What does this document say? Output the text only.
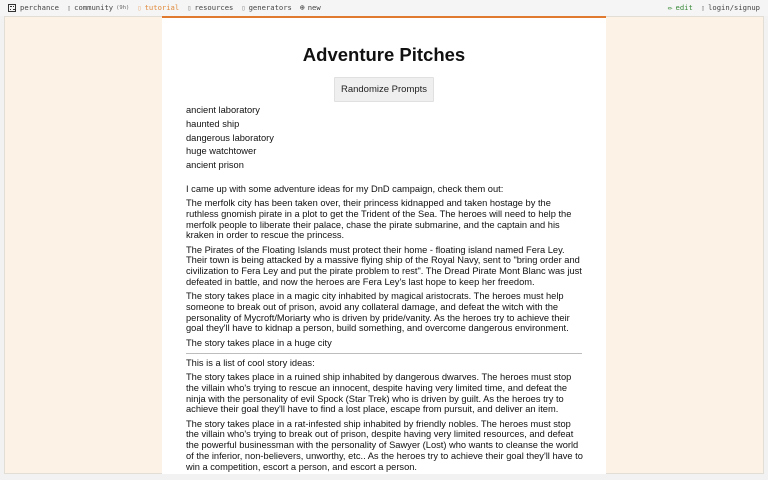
perchance ▯ community (9h) ▯ tutorial ▯ resources ▯ generators ⊕ new	✏ edit ▯ login/signup
Adventure Pitches
Randomize Prompts
ancient laboratory
haunted ship
dangerous laboratory
huge watchtower
ancient prison

I came up with some adventure ideas for my DnD campaign, check them out:

The merfolk city has been taken over, their princess kidnapped and taken hostage by the ruthless gnomish pirate in a plot to get the Trident of the Sea. The heroes will need to help the merfolk people to liberate their palace, chase the pirate submarine, and the captain and his kraken in order to rescue the princess.

The Pirates of the Floating Islands must protect their home - floating island named Fera Ley. Their town is being attacked by a massive flying ship of the Royal Navy, sent to "bring order and civilization to Fera Ley and put the pirate problem to rest". The Dread Pirate Mont Blanc was just defeated in battle, and now the heroes are Fera Ley's last hope to keep her freedom.

The story takes place in a magic city inhabited by magical aristocrats. The heroes must help someone to break out of prison, avoid any collateral damage, and defeat the witch with the personality of Mycroft/Moriarty who is driven by pride/vanity. As the heroes try to achieve their goal they'll have to kidnap a person, build something, and overcome dangerous environment.

The story takes place in a huge city

This is a list of cool story ideas:

The story takes place in a ruined ship inhabited by dangerous dwarves. The heroes must stop the villain who's trying to rescue an innocent, despite having very limited time, and defeat the ninja with the personality of evil Spock (Star Trek) who is driven by guilt. As the heroes try to achieve their goal they'll have to find a lost place, escape from pursuit, and deliver an item.

The story takes place in a rat-infested ship inhabited by friendly nobles. The heroes must stop the villain who's trying to break out of prison, despite having very limited resources, and defeat the powerful businessman with the personality of Sawyer (Lost) who wants to cleanse the world of the inferior, non-believers, unworthy, etc.. As the heroes try to achieve their goal they'll have to win a competition, escort a person, and escort a person.
